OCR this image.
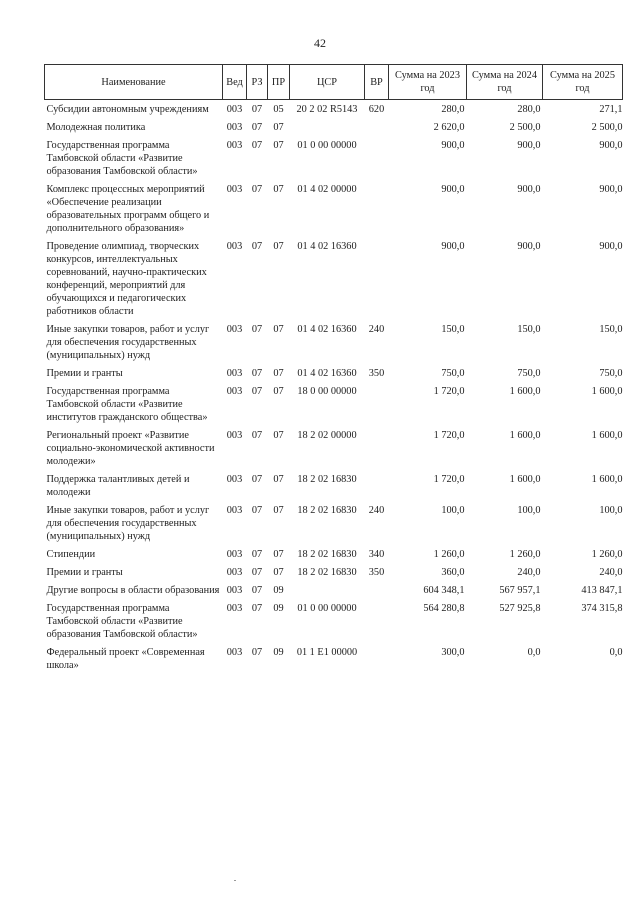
42
Наименование	Вед	РЗ	ПР	ЦСР	ВР	Сумма на 2023 год	Сумма на 2024 год	Сумма на 2025 год
Субсидии автономным учреждениям	003	07	05	20 2 02 R5143	620	280,0	280,0	271,1
Молодежная политика	003	07	07			2 620,0	2 500,0	2 500,0
Государственная программа Тамбовской области «Развитие образования Тамбовской области»	003	07	07	01 0 00 00000		900,0	900,0	900,0
Комплекс процессных мероприятий «Обеспечение реализации образовательных программ общего и дополнительного образования»	003	07	07	01 4 02 00000		900,0	900,0	900,0
Проведение олимпиад, творческих конкурсов, интеллектуальных соревнований, научно-практических конференций, мероприятий для обучающихся и педагогических работников области	003	07	07	01 4 02 16360		900,0	900,0	900,0
Иные закупки товаров, работ и услуг для обеспечения государственных (муниципальных) нужд	003	07	07	01 4 02 16360	240	150,0	150,0	150,0
Премии и гранты	003	07	07	01 4 02 16360	350	750,0	750,0	750,0
Государственная программа Тамбовской области «Развитие институтов гражданского общества»	003	07	07	18 0 00 00000		1 720,0	1 600,0	1 600,0
Региональный проект «Развитие социально-экономической активности молодежи»	003	07	07	18 2 02 00000		1 720,0	1 600,0	1 600,0
Поддержка талантливых детей и молодежи	003	07	07	18 2 02 16830		1 720,0	1 600,0	1 600,0
Иные закупки товаров, работ и услуг для обеспечения государственных (муниципальных) нужд	003	07	07	18 2 02 16830	240	100,0	100,0	100,0
Стипендии	003	07	07	18 2 02 16830	340	1 260,0	1 260,0	1 260,0
Премии и гранты	003	07	07	18 2 02 16830	350	360,0	240,0	240,0
Другие вопросы в области образования	003	07	09			604 348,1	567 957,1	413 847,1
Государственная программа Тамбовской области «Развитие образования Тамбовской области»	003	07	09	01 0 00 00000		564 280,8	527 925,8	374 315,8
Федеральный проект «Современная школа»	003	07	09	01 1 E1 00000		300,0	0,0	0,0
